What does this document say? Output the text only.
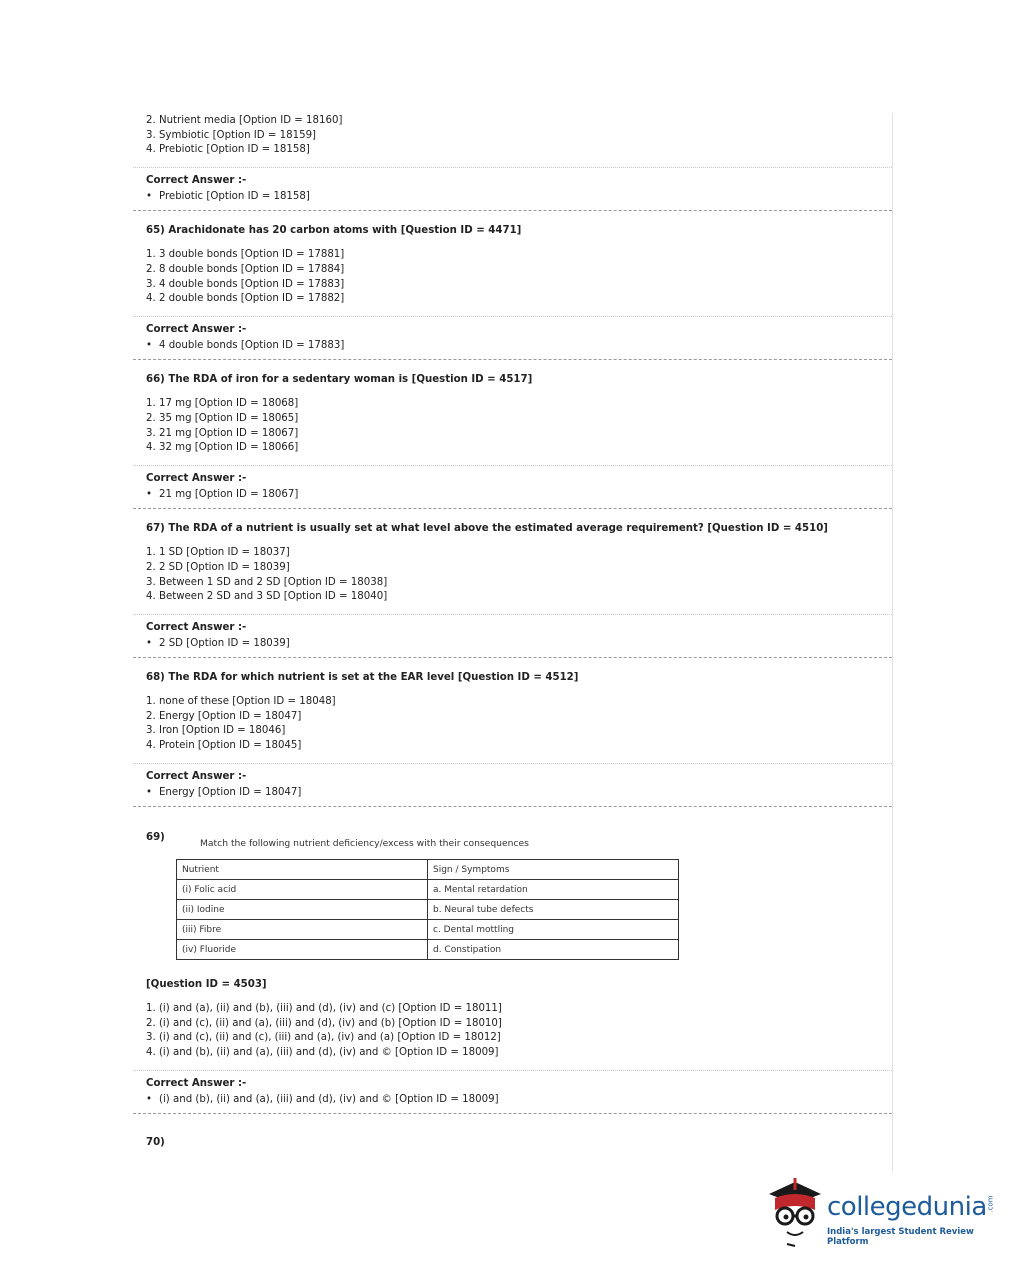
2. Nutrient media [Option ID = 18160]
3. Symbiotic [Option ID = 18159]
4. Prebiotic [Option ID = 18158]
Correct Answer :-
• Prebiotic [Option ID = 18158]
65) Arachidonate has 20 carbon atoms with [Question ID = 4471]
1. 3 double bonds [Option ID = 17881]
2. 8 double bonds [Option ID = 17884]
3. 4 double bonds [Option ID = 17883]
4. 2 double bonds [Option ID = 17882]
Correct Answer :-
• 4 double bonds [Option ID = 17883]
66) The RDA of iron for a sedentary woman is [Question ID = 4517]
1. 17 mg [Option ID = 18068]
2. 35 mg [Option ID = 18065]
3. 21 mg [Option ID = 18067]
4. 32 mg [Option ID = 18066]
Correct Answer :-
• 21 mg [Option ID = 18067]
67) The RDA of a nutrient is usually set at what level above the estimated average requirement? [Question ID = 4510]
1. 1 SD [Option ID = 18037]
2. 2 SD [Option ID = 18039]
3. Between 1 SD and 2 SD [Option ID = 18038]
4. Between 2 SD and 3 SD [Option ID = 18040]
Correct Answer :-
• 2 SD [Option ID = 18039]
68) The RDA for which nutrient is set at the EAR level [Question ID = 4512]
1. none of these [Option ID = 18048]
2. Energy [Option ID = 18047]
3. Iron [Option ID = 18046]
4. Protein [Option ID = 18045]
Correct Answer :-
• Energy [Option ID = 18047]
69)
Match the following nutrient deficiency/excess with their consequences
Nutrient	Sign / Symptoms
(i) Folic acid	a. Mental retardation
(ii) Iodine	b. Neural tube defects
(iii) Fibre	c. Dental mottling
(iv) Fluoride	d. Constipation
[Question ID = 4503]
1. (i) and (a), (ii) and (b), (iii) and (d), (iv) and (c) [Option ID = 18011]
2. (i) and (c), (ii) and (a), (iii) and (d), (iv) and (b) [Option ID = 18010]
3. (i) and (c), (ii) and (c), (iii) and (a), (iv) and (a) [Option ID = 18012]
4. (i) and (b), (ii) and (a), (iii) and (d), (iv) and © [Option ID = 18009]
Correct Answer :-
• (i) and (b), (ii) and (a), (iii) and (d), (iv) and © [Option ID = 18009]
70)
collegedunia .com
India's largest Student Review Platform
